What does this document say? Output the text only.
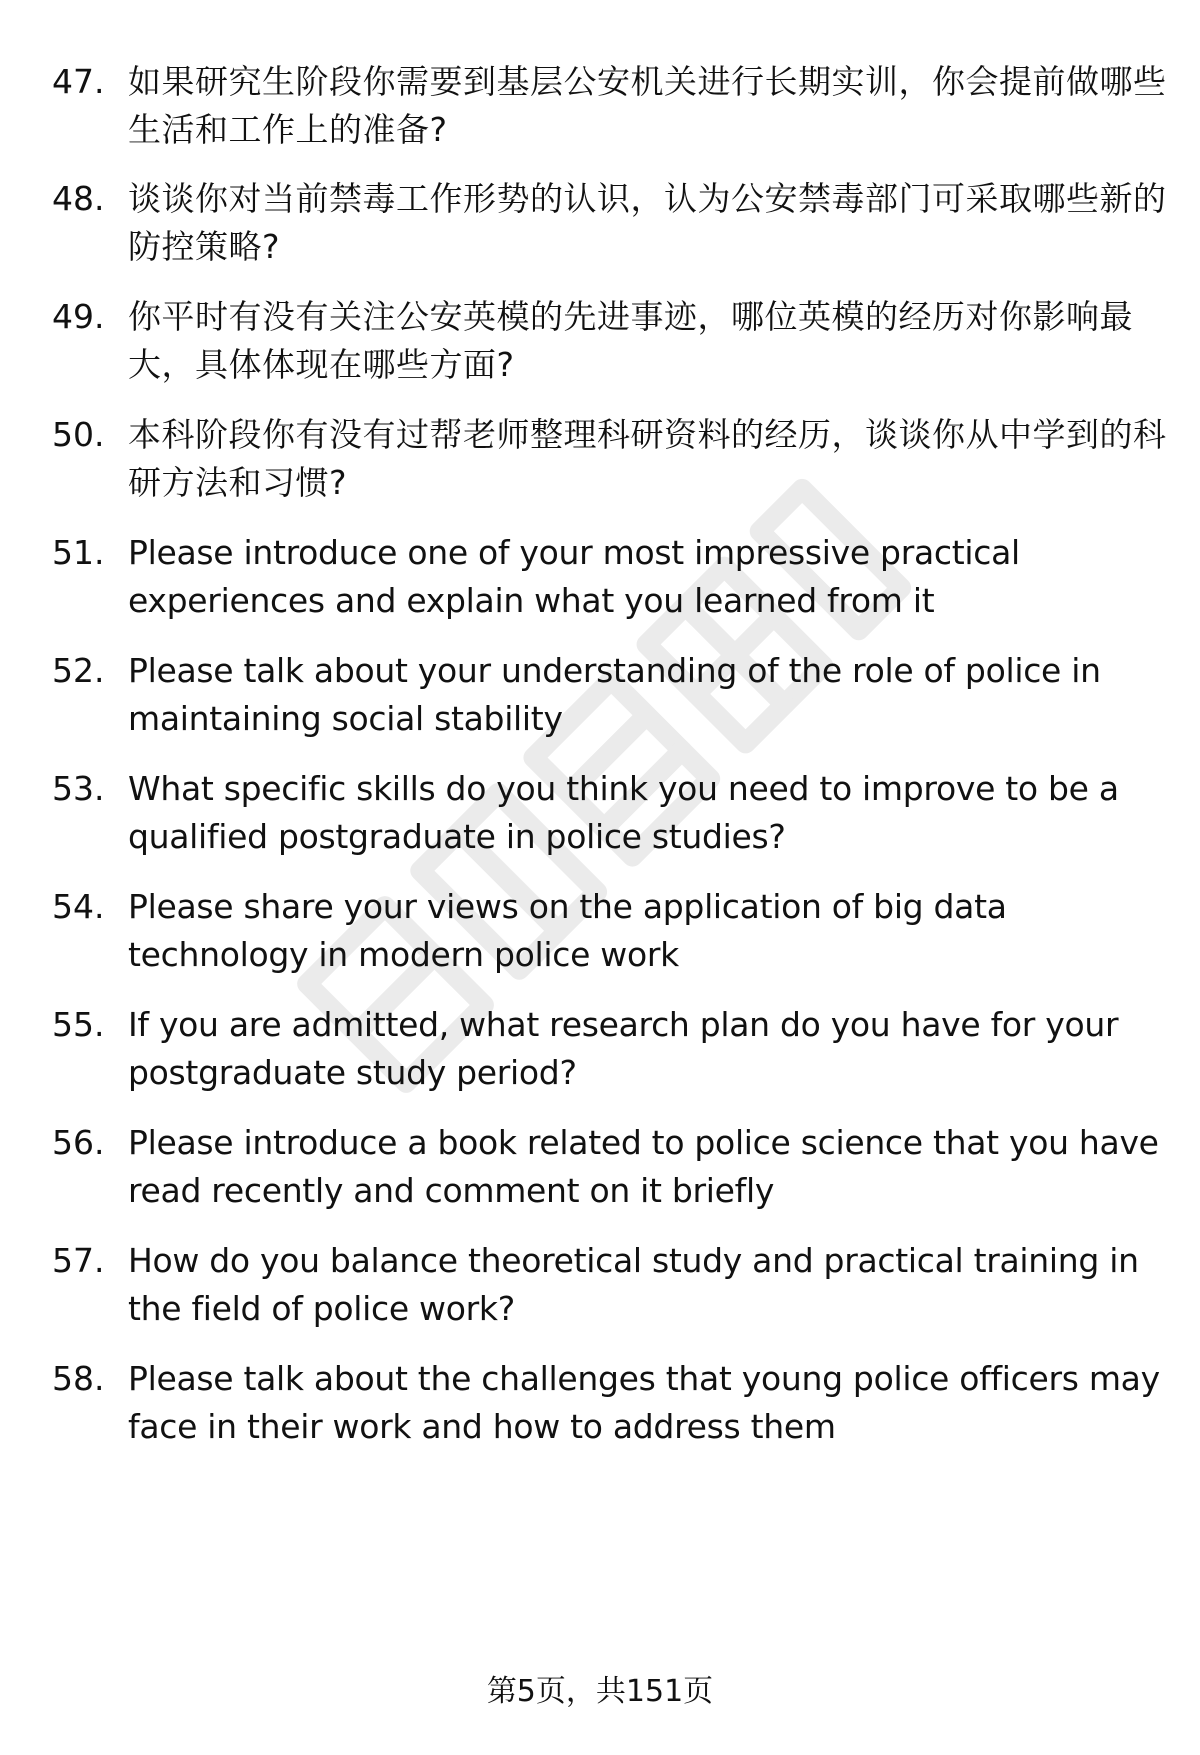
47. 如果研究生阶段你需要到基层公安机关进行长期实训，你会提前做哪些生活和工作上的准备?
48. 谈谈你对当前禁毒工作形势的认识，认为公安禁毒部门可采取哪些新的防控策略?
49. 你平时有没有关注公安英模的先进事迹，哪位英模的经历对你影响最大，具体体现在哪些方面?
50. 本科阶段你有没有过帮老师整理科研资料的经历，谈谈你从中学到的科研方法和习惯?
51. Please introduce one of your most impressive practical experiences and explain what you learned from it
52. Please talk about your understanding of the role of police in maintaining social stability
53. What specific skills do you think you need to improve to be a qualified postgraduate in police studies?
54. Please share your views on the application of big data technology in modern police work
55. If you are admitted, what research plan do you have for your postgraduate study period?
56. Please introduce a book related to police science that you have read recently and comment on it briefly
57. How do you balance theoretical study and practical training in the field of police work?
58. Please talk about the challenges that young police officers may face in their work and how to address them
第5页，共151页
